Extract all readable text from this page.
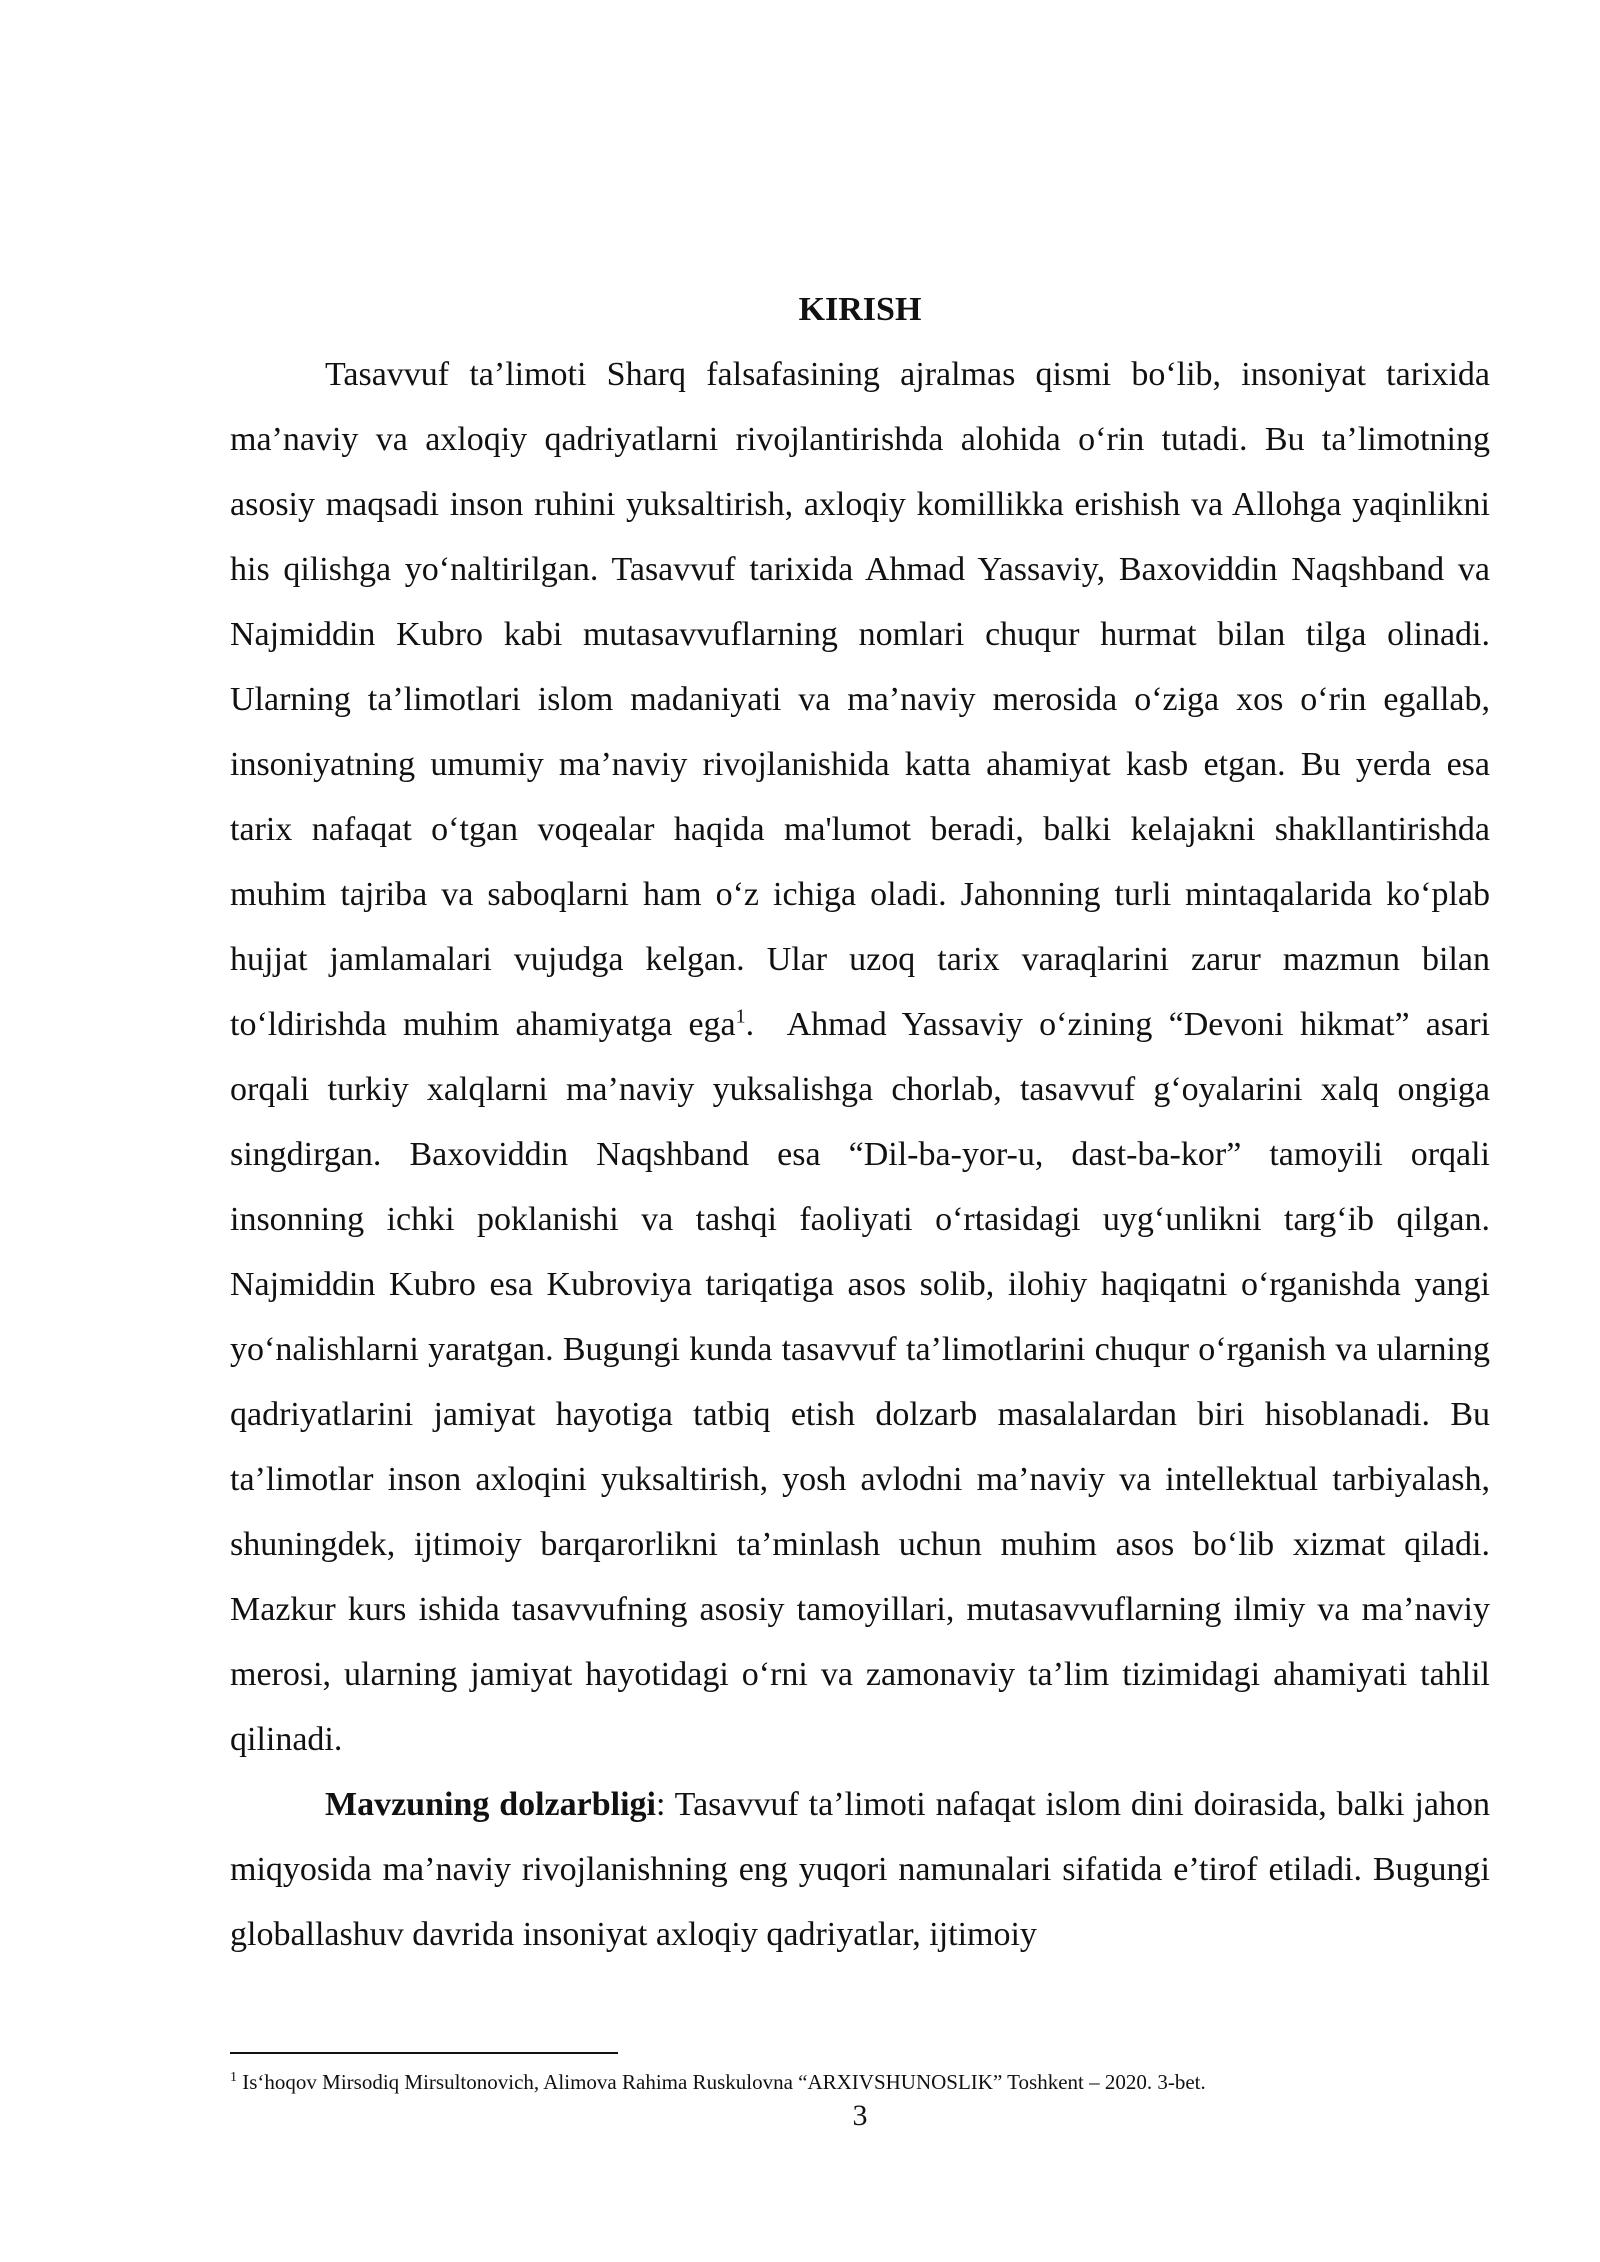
KIRISH

Tasavvuf ta’limoti Sharq falsafasining ajralmas qismi bo‘lib, insoniyat tarixida ma’naviy va axloqiy qadriyatlarni rivojlantirishda alohida o‘rin tutadi. Bu ta’limotning asosiy maqsadi inson ruhini yuksaltirish, axloqiy komillikka erishish va Allohga yaqinlikni his qilishga yo‘naltirilgan. Tasavvuf tarixida Ahmad Yassaviy, Baxoviddin Naqshband va Najmiddin Kubro kabi mutasavvuflarning nomlari chuqur hurmat bilan tilga olinadi. Ularning ta’limotlari islom madaniyati va ma’naviy merosida o‘ziga xos o‘rin egallab, insoniyatning umumiy ma’naviy rivojlanishida katta ahamiyat kasb etgan. Bu yerda esa tarix nafaqat o‘tgan voqealar haqida ma'lumot beradi, balki kelajakni shakllantirishda muhim tajriba va saboqlarni ham o‘z ichiga oladi. Jahonning turli mintaqalarida ko‘plab hujjat jamlamalari vujudga kelgan. Ular uzoq tarix varaqlarini zarur mazmun bilan to‘ldirishda muhim ahamiyatga ega$^1$.  Ahmad Yassaviy o‘zining “Devoni hikmat” asari orqali turkiy xalqlarni ma’naviy yuksalishga chorlab, tasavvuf g‘oyalarini xalq ongiga singdirgan. Baxoviddin Naqshband esa “Dil-ba-yor-u, dast-ba-kor” tamoyili orqali insonning ichki poklanishi va tashqi faoliyati o‘rtasidagi uyg‘unlikni targ‘ib qilgan. Najmiddin Kubro esa Kubroviya tariqatiga asos solib, ilohiy haqiqatni o‘rganishda yangi yo‘nalishlarni yaratgan. Bugungi kunda tasavvuf ta’limotlarini chuqur o‘rganish va ularning qadriyatlarini jamiyat hayotiga tatbiq etish dolzarb masalalardan biri hisoblanadi. Bu ta’limotlar inson axloqini yuksaltirish, yosh avlodni ma’naviy va intellektual tarbiyalash, shuningdek, ijtimoiy barqarorlikni ta’minlash uchun muhim asos bo‘lib xizmat qiladi. Mazkur kurs ishida tasavvufning asosiy tamoyillari, mutasavvuflarning ilmiy va ma’naviy merosi, ularning jamiyat hayotidagi o‘rni va zamonaviy ta’lim tizimidagi ahamiyati tahlil qilinadi.

Mavzuning dolzarbligi: Tasavvuf ta’limoti nafaqat islom dini doirasida, balki jahon miqyosida ma’naviy rivojlanishning eng yuqori namunalari sifatida e’tirof etiladi. Bugungi globallashuv davrida insoniyat axloqiy qadriyatlar, ijtimoiy

$^1$ Is‘hoqov Mirsodiq Mirsultonovich, Alimova Rahima Ruskulovna “ARXIVSHUNOSLIK” Toshkent – 2020. 3-bet.
3
